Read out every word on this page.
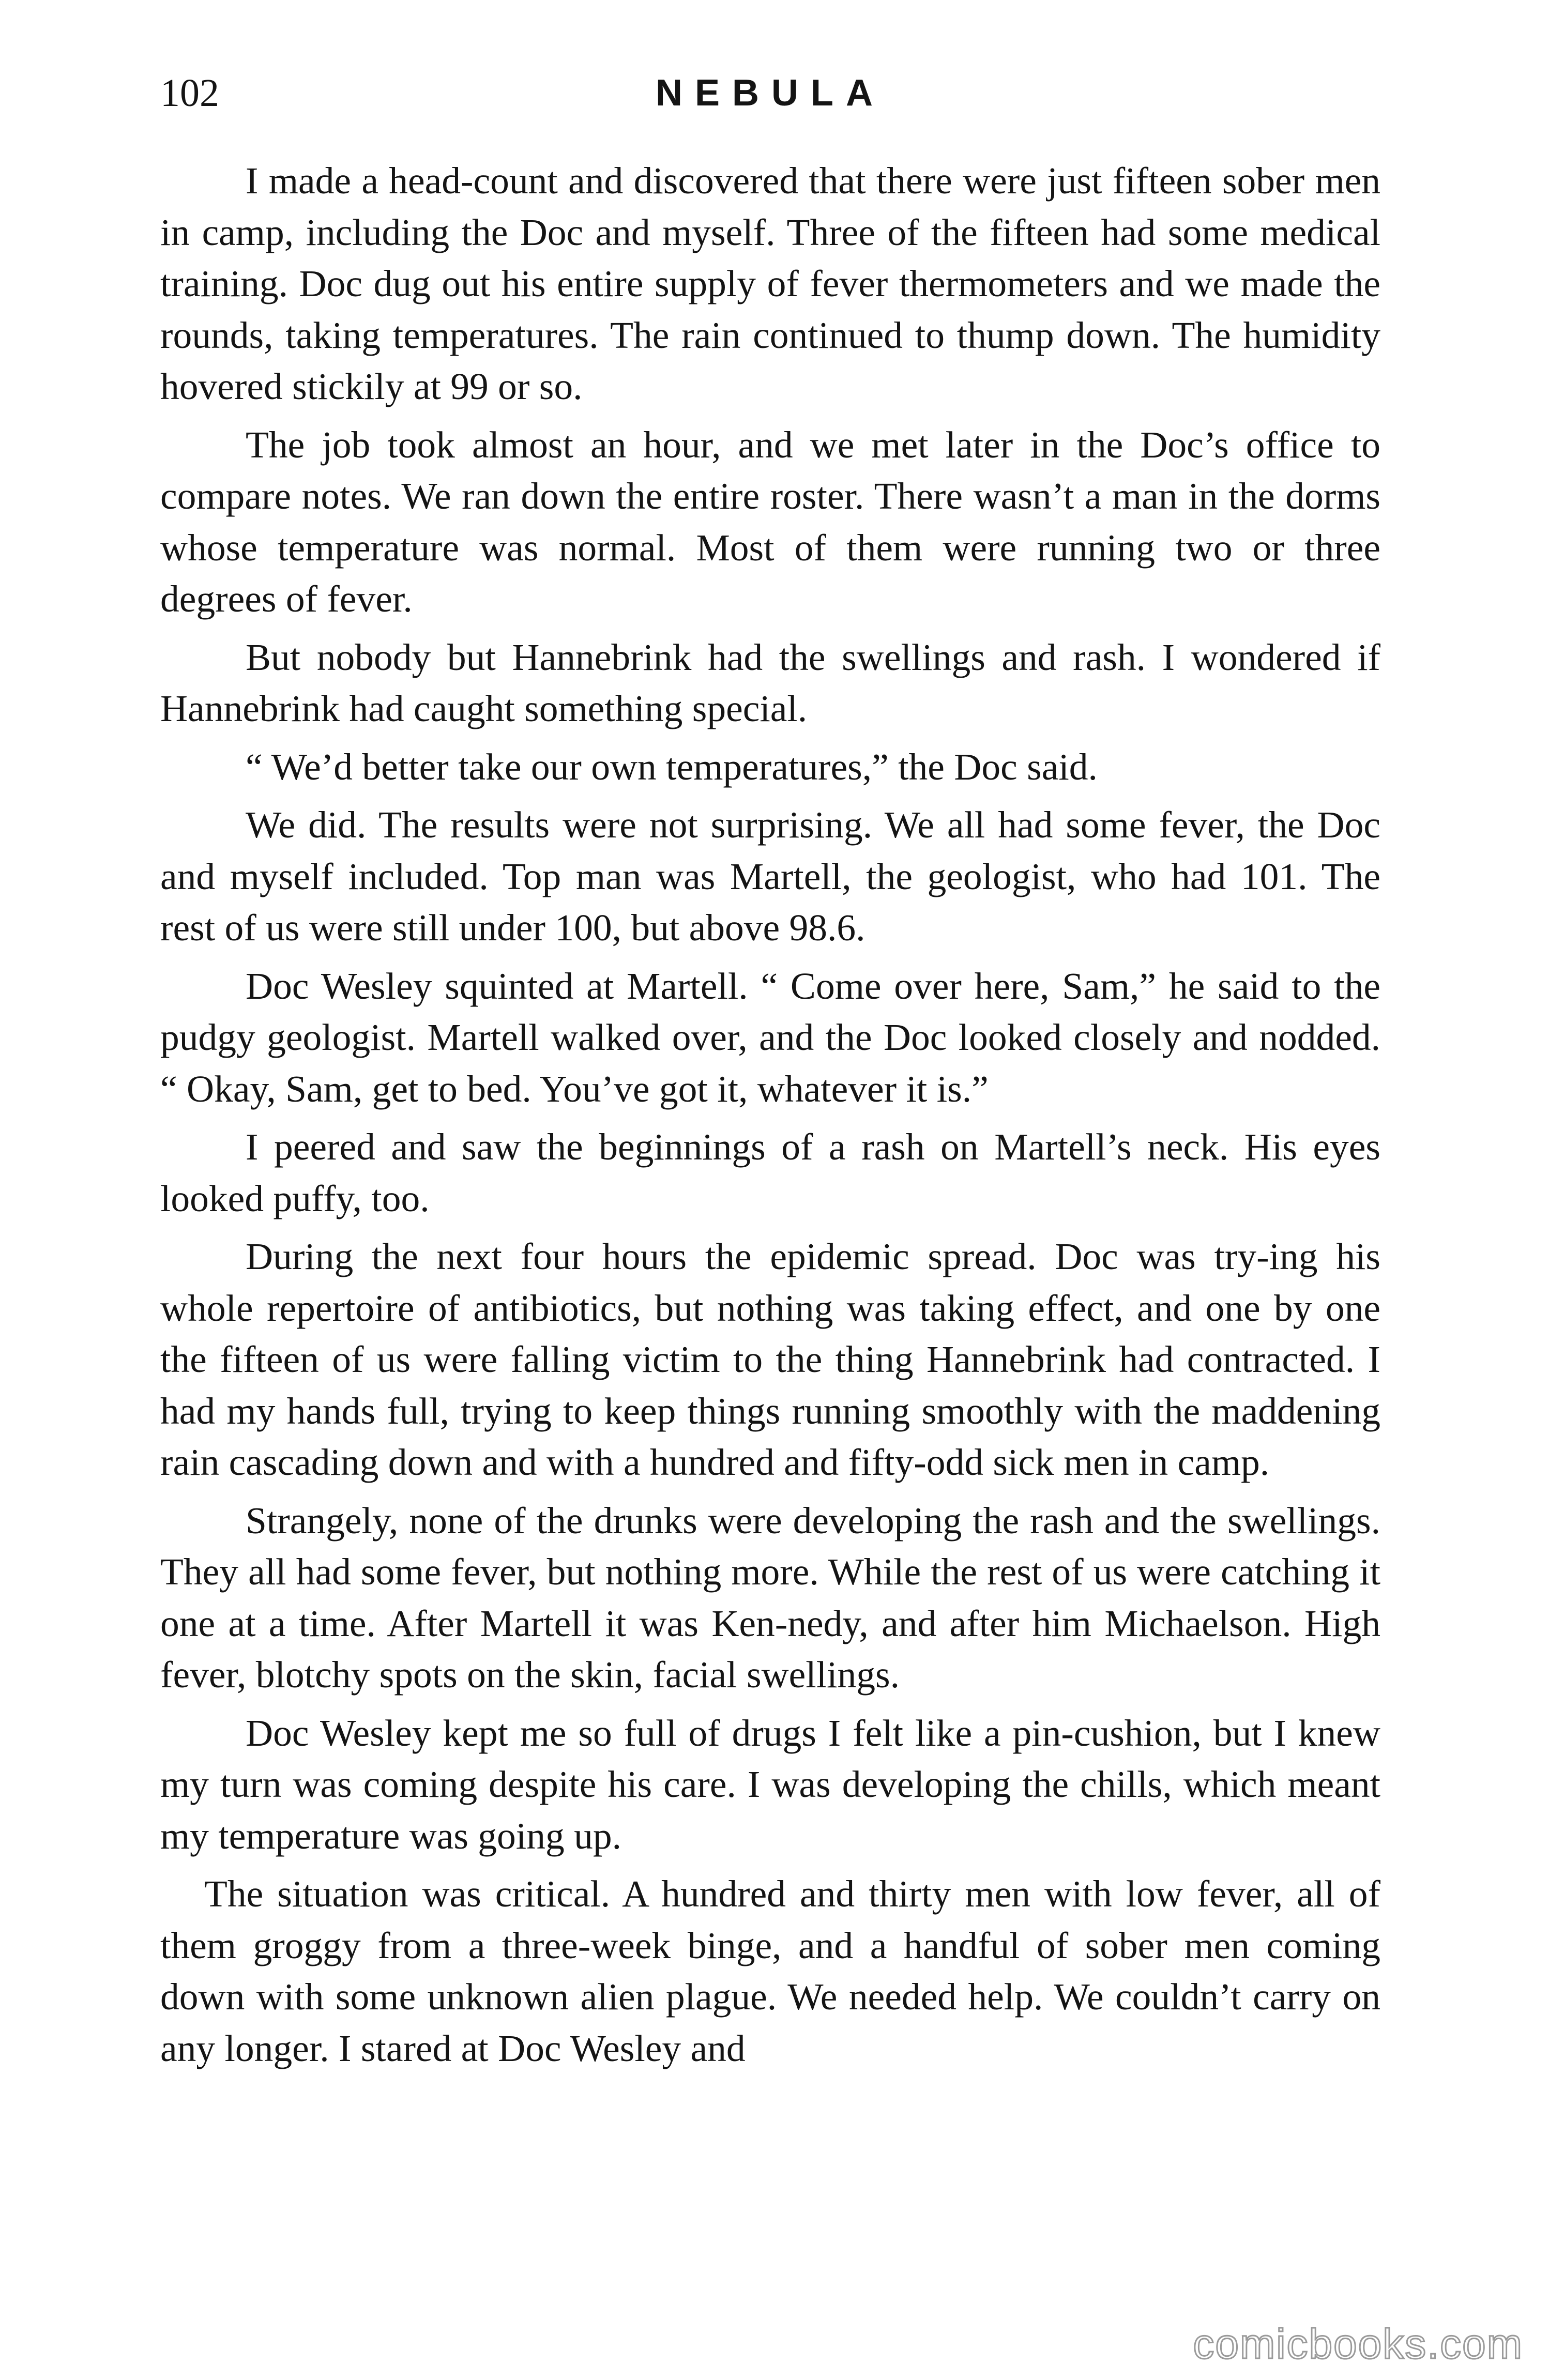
102	NEBULA

I made a head-count and discovered that there were just fifteen sober men in camp, including the Doc and myself. Three of the fifteen had some medical training. Doc dug out his entire supply of fever thermometers and we made the rounds, taking temperatures. The rain continued to thump down. The humidity hovered stickily at 99 or so.

The job took almost an hour, and we met later in the Doc’s office to compare notes. We ran down the entire roster. There wasn’t a man in the dorms whose temperature was normal. Most of them were running two or three degrees of fever.

But nobody but Hannebrink had the swellings and rash. I wondered if Hannebrink had caught something special.

“ We’d better take our own temperatures,” the Doc said.

We did. The results were not surprising. We all had some fever, the Doc and myself included. Top man was Martell, the geologist, who had 101. The rest of us were still under 100, but above 98.6.

Doc Wesley squinted at Martell. “ Come over here, Sam,” he said to the pudgy geologist. Martell walked over, and the Doc looked closely and nodded. “ Okay, Sam, get to bed. You’ve got it, whatever it is.”

I peered and saw the beginnings of a rash on Martell’s neck. His eyes looked puffy, too.

During the next four hours the epidemic spread. Doc was try-ing his whole repertoire of antibiotics, but nothing was taking effect, and one by one the fifteen of us were falling victim to the thing Hannebrink had contracted. I had my hands full, trying to keep things running smoothly with the maddening rain cascading down and with a hundred and fifty-odd sick men in camp.

Strangely, none of the drunks were developing the rash and the swellings. They all had some fever, but nothing more. While the rest of us were catching it one at a time. After Martell it was Ken-nedy, and after him Michaelson. High fever, blotchy spots on the skin, facial swellings.

Doc Wesley kept me so full of drugs I felt like a pin-cushion, but I knew my turn was coming despite his care. I was developing the chills, which meant my temperature was going up.

The situation was critical. A hundred and thirty men with low fever, all of them groggy from a three-week binge, and a handful of sober men coming down with some unknown alien plague. We needed help. We couldn’t carry on any longer. I stared at Doc Wesley and

comicbooks.com
